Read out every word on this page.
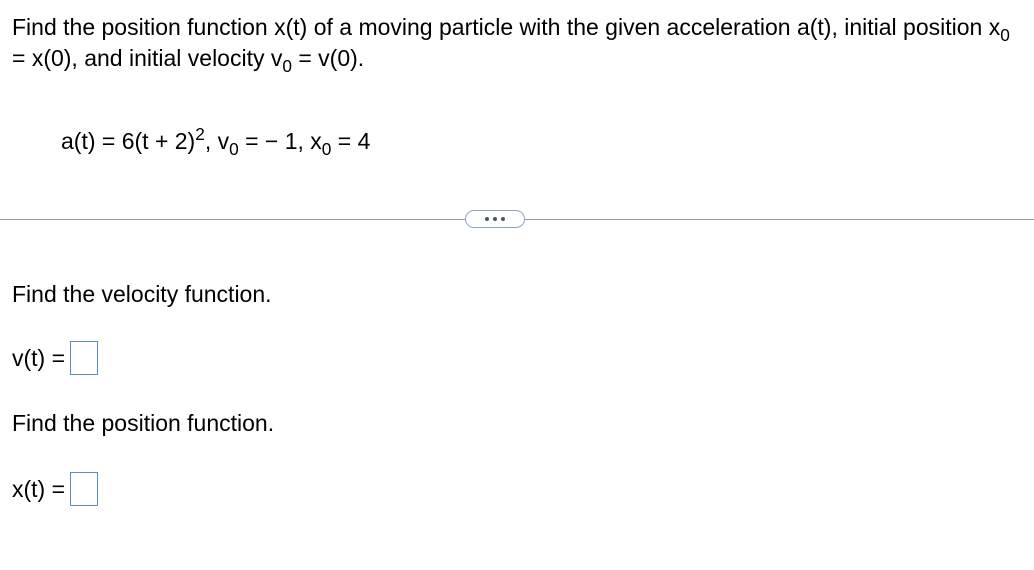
Find the position function x(t) of a moving particle with the given acceleration a(t), initial position $x_0 = x(0)$, and initial velocity $v_0 = v(0)$.
$a(t) = 6(t + 2)^2$, $v_0$ = − 1, $x_0 = 4$
Find the velocity function.
v(t) =
Find the position function.
x(t) =
